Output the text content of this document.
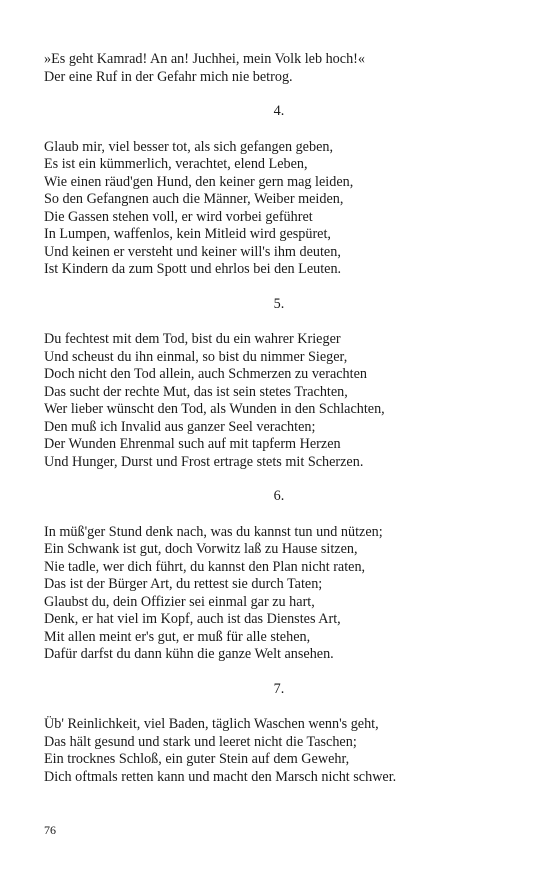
»Es geht Kamrad! An an! Juchhei, mein Volk leb hoch!«
Der eine Ruf in der Gefahr mich nie betrog.
4.
Glaub mir, viel besser tot, als sich gefangen geben,
Es ist ein kümmerlich, verachtet, elend Leben,
Wie einen räud'gen Hund, den keiner gern mag leiden,
So den Gefangnen auch die Männer, Weiber meiden,
Die Gassen stehen voll, er wird vorbei geführet
In Lumpen, waffenlos, kein Mitleid wird gespüret,
Und keinen er versteht und keiner will's ihm deuten,
Ist Kindern da zum Spott und ehrlos bei den Leuten.
5.
Du fechtest mit dem Tod, bist du ein wahrer Krieger
Und scheust du ihn einmal, so bist du nimmer Sieger,
Doch nicht den Tod allein, auch Schmerzen zu verachten
Das sucht der rechte Mut, das ist sein stetes Trachten,
Wer lieber wünscht den Tod, als Wunden in den Schlachten,
Den muß ich Invalid aus ganzer Seel verachten;
Der Wunden Ehrenmal such auf mit tapferm Herzen
Und Hunger, Durst und Frost ertrage stets mit Scherzen.
6.
In müß'ger Stund denk nach, was du kannst tun und nützen;
Ein Schwank ist gut, doch Vorwitz laß zu Hause sitzen,
Nie tadle, wer dich führt, du kannst den Plan nicht raten,
Das ist der Bürger Art, du rettest sie durch Taten;
Glaubst du, dein Offizier sei einmal gar zu hart,
Denk, er hat viel im Kopf, auch ist das Dienstes Art,
Mit allen meint er's gut, er muß für alle stehen,
Dafür darfst du dann kühn die ganze Welt ansehen.
7.
Üb' Reinlichkeit, viel Baden, täglich Waschen wenn's geht,
Das hält gesund und stark und leeret nicht die Taschen;
Ein trocknes Schloß, ein guter Stein auf dem Gewehr,
Dich oftmals retten kann und macht den Marsch nicht schwer.
76
